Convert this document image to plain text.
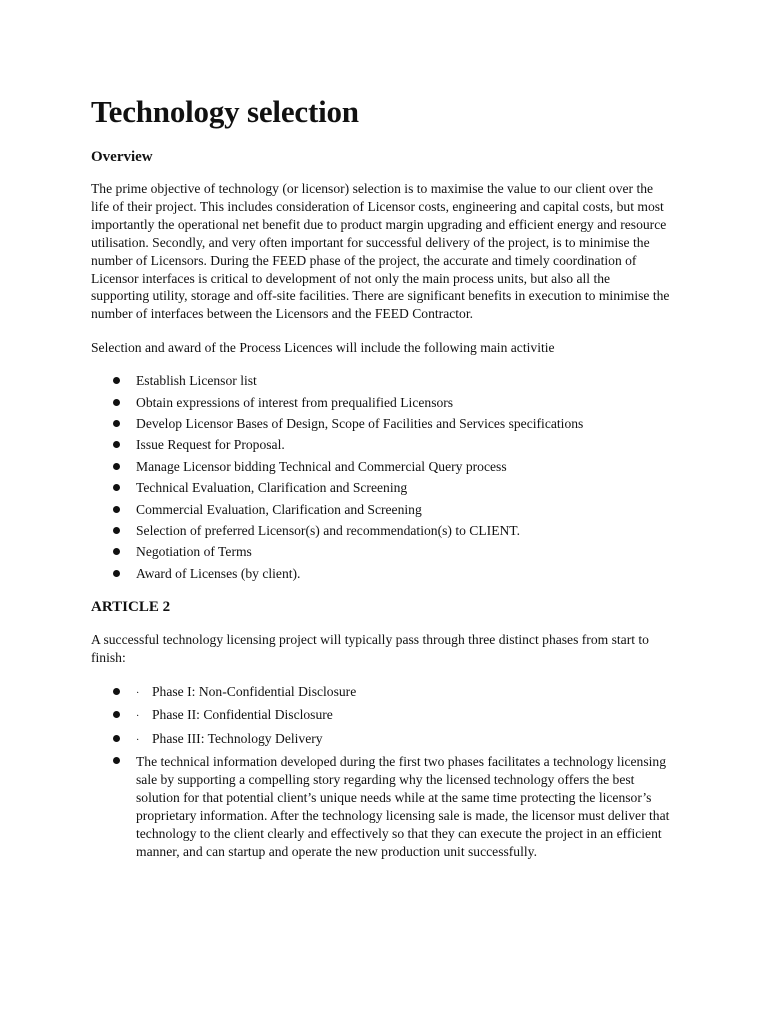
Technology selection
Overview

The prime objective of technology (or licensor) selection is to maximise the value to our client over the life of their project. This includes consideration of Licensor costs, engineering and capital costs, but most importantly the operational net benefit due to product margin upgrading and efficient energy and resource utilisation. Secondly, and very often important for successful delivery of the project, is to minimise the number of Licensors. During the FEED phase of the project, the accurate and timely coordination of Licensor interfaces is critical to development of not only the main process units, but also all the supporting utility, storage and off-site facilities. There are significant benefits in execution to minimise the number of interfaces between the Licensors and the FEED Contractor.

Selection and award of the Process Licences will include the following main activitie

Establish Licensor list
Obtain expressions of interest from prequalified Licensors
Develop Licensor Bases of Design, Scope of Facilities and Services specifications
Issue Request for Proposal.
Manage Licensor bidding Technical and Commercial Query process
Technical Evaluation, Clarification and Screening
Commercial Evaluation, Clarification and Screening
Selection of preferred Licensor(s) and recommendation(s) to CLIENT.
Negotiation of Terms
Award of Licenses (by client).
ARTICLE 2

A successful technology licensing project will typically pass through three distinct phases from start to finish:

· Phase I: Non-Confidential Disclosure
· Phase II: Confidential Disclosure
· Phase III: Technology Delivery
The technical information developed during the first two phases facilitates a technology licensing sale by supporting a compelling story regarding why the licensed technology offers the best solution for that potential client’s unique needs while at the same time protecting the licensor’s proprietary information. After the technology licensing sale is made, the licensor must deliver that technology to the client clearly and effectively so that they can execute the project in an efficient manner, and can startup and operate the new production unit successfully.
